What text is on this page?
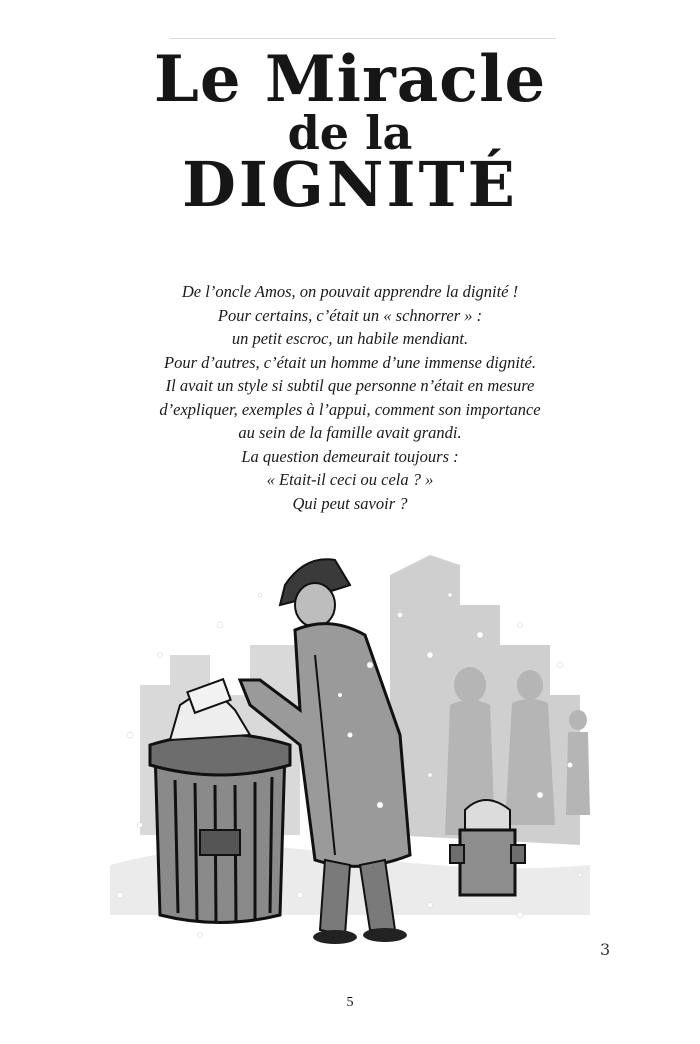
Le Miracle
de la
DIGNITÉ
De l’oncle Amos, on pouvait apprendre la dignité !
Pour certains, c’était un « schnorrer » :
un petit escroc, un habile mendiant.
Pour d’autres, c’était un homme d’une immense dignité.
Il avait un style si subtil que personne n’était en mesure
d’expliquer, exemples à l’appui, comment son importance
au sein de la famille avait grandi.
La question demeurait toujours :
« Etait-il ceci ou cela ? »
Qui peut savoir ?
3
5
